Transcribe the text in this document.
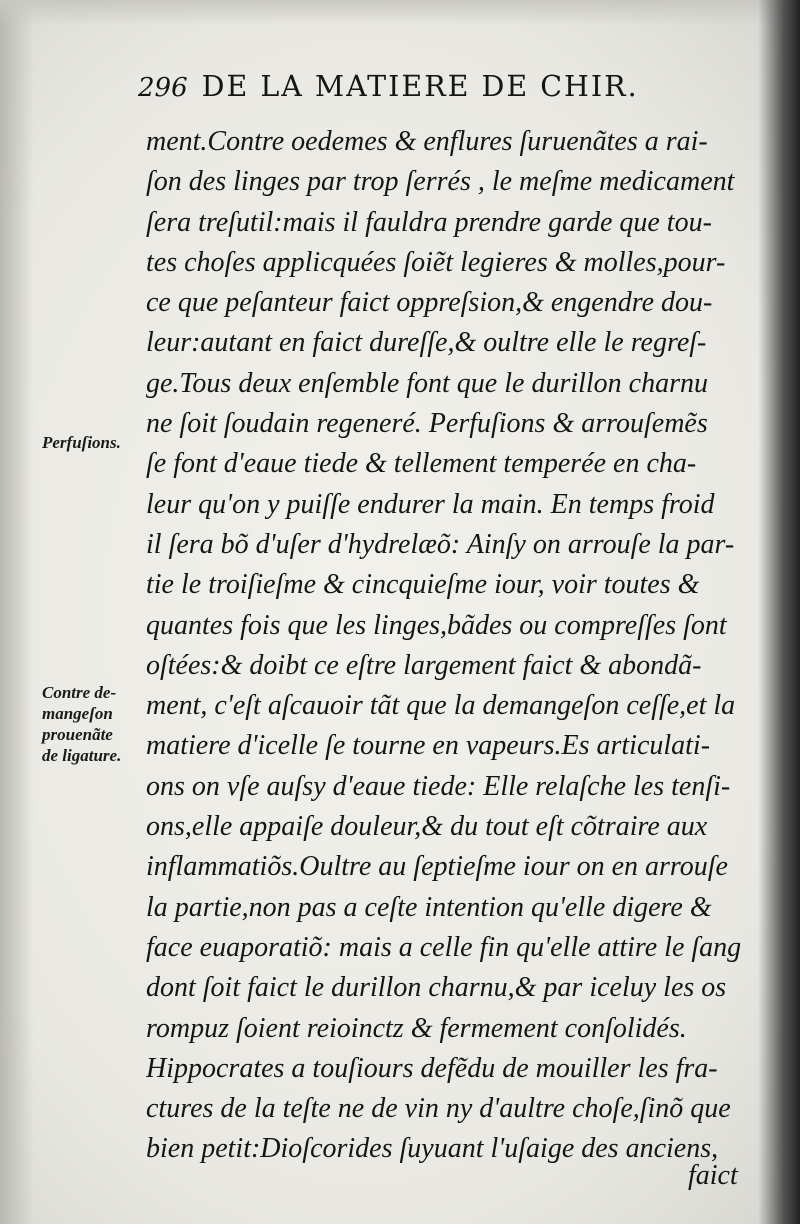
296 DE LA MATIERE DE CHIR.
ment.Contre oedemes & enflures ſuruenãtes a rai-
ſon des linges par trop ſerrés , le meſme medicament
ſera treſutil:mais il fauldra prendre garde que tou-
tes choſes applicquées ſoiẽt legieres & molles,pour-
ce que peſanteur faict oppreſsion,& engendre dou-
leur:autant en faict dureſſe,& oultre elle le regreſ-
ge.Tous deux enſemble font que le durillon charnu
ne ſoit ſoudain regeneré. Perfuſions & arrouſemẽs
ſe font d'eaue tiede & tellement temperée en cha-
leur qu'on y puiſſe endurer la main. En temps froid
il ſera bõ d'uſer d'hydrelæõ: Ainſy on arrouſe la par-
tie le troiſieſme & cincquieſme iour, voir toutes &
quantes fois que les linges,bãdes ou compreſſes ſont
oſtées:& doibt ce eſtre largement faict & abondã-
ment, c'eſt aſcauoir tãt que la demangeſon ceſſe,et la
matiere d'icelle ſe tourne en vapeurs.Es articulati-
ons on vſe auſsy d'eaue tiede: Elle relaſche les tenſi-
ons,elle appaiſe douleur,& du tout eſt cõtraire aux
inflammatiõs.Oultre au ſeptieſme iour on en arrouſe
la partie,non pas a ceſte intention qu'elle digere &
face euaporatiõ: mais a celle fin qu'elle attire le ſang
dont ſoit faict le durillon charnu,& par iceluy les os
rompuz ſoient reioinctz & fermement conſolidés.
Hippocrates a touſiours defẽdu de mouiller les fra-
ctures de la teſte ne de vin ny d'aultre choſe,ſinõ que
bien petit:Dioſcorides ſuyuant l'uſaige des anciens,
Perfuſions.
Contre de-
mangeſon
prouenãte
de ligature.
faict
